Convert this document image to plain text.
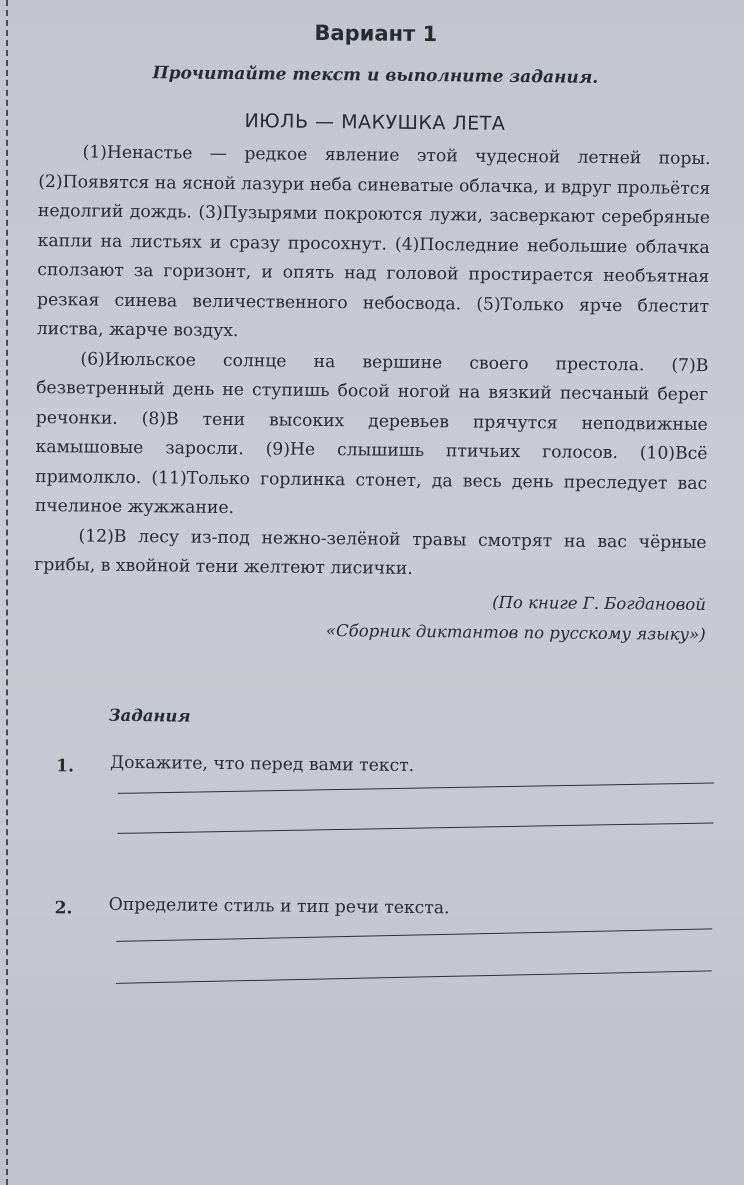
Вариант 1
Прочитайте текст и выполните задания.
ИЮЛЬ — МАКУШКА ЛЕТА

(1)Ненастье — редкое явление этой чудесной летней поры. (2)Появятся на ясной лазури неба синеватые облачка, и вдруг прольётся недолгий дождь. (3)Пузырями покроются лужи, засверкают серебряные капли на листьях и сразу просохнут. (4)Последние небольшие облачка сползают за горизонт, и опять над головой простирается необъятная резкая синева величественного небосвода. (5)Только ярче блестит листва, жарче воздух.

(6)Июльское солнце на вершине своего престола. (7)В безветренный день не ступишь босой ногой на вязкий песчаный берег речонки. (8)В тени высоких деревьев прячутся неподвижные камышовые заросли. (9)Не слышишь птичьих голосов. (10)Всё примолкло. (11)Только горлинка стонет, да весь день преследует вас пчелиное жужжание.

(12)В лесу из-под нежно-зелёной травы смотрят на вас чёрные грибы, в хвойной тени желтеют лисички.

(По книге Г. Богдановой
«Сборник диктантов по русскому языку»)
Задания
1. Докажите, что перед вами текст.
2. Определите стиль и тип речи текста.
